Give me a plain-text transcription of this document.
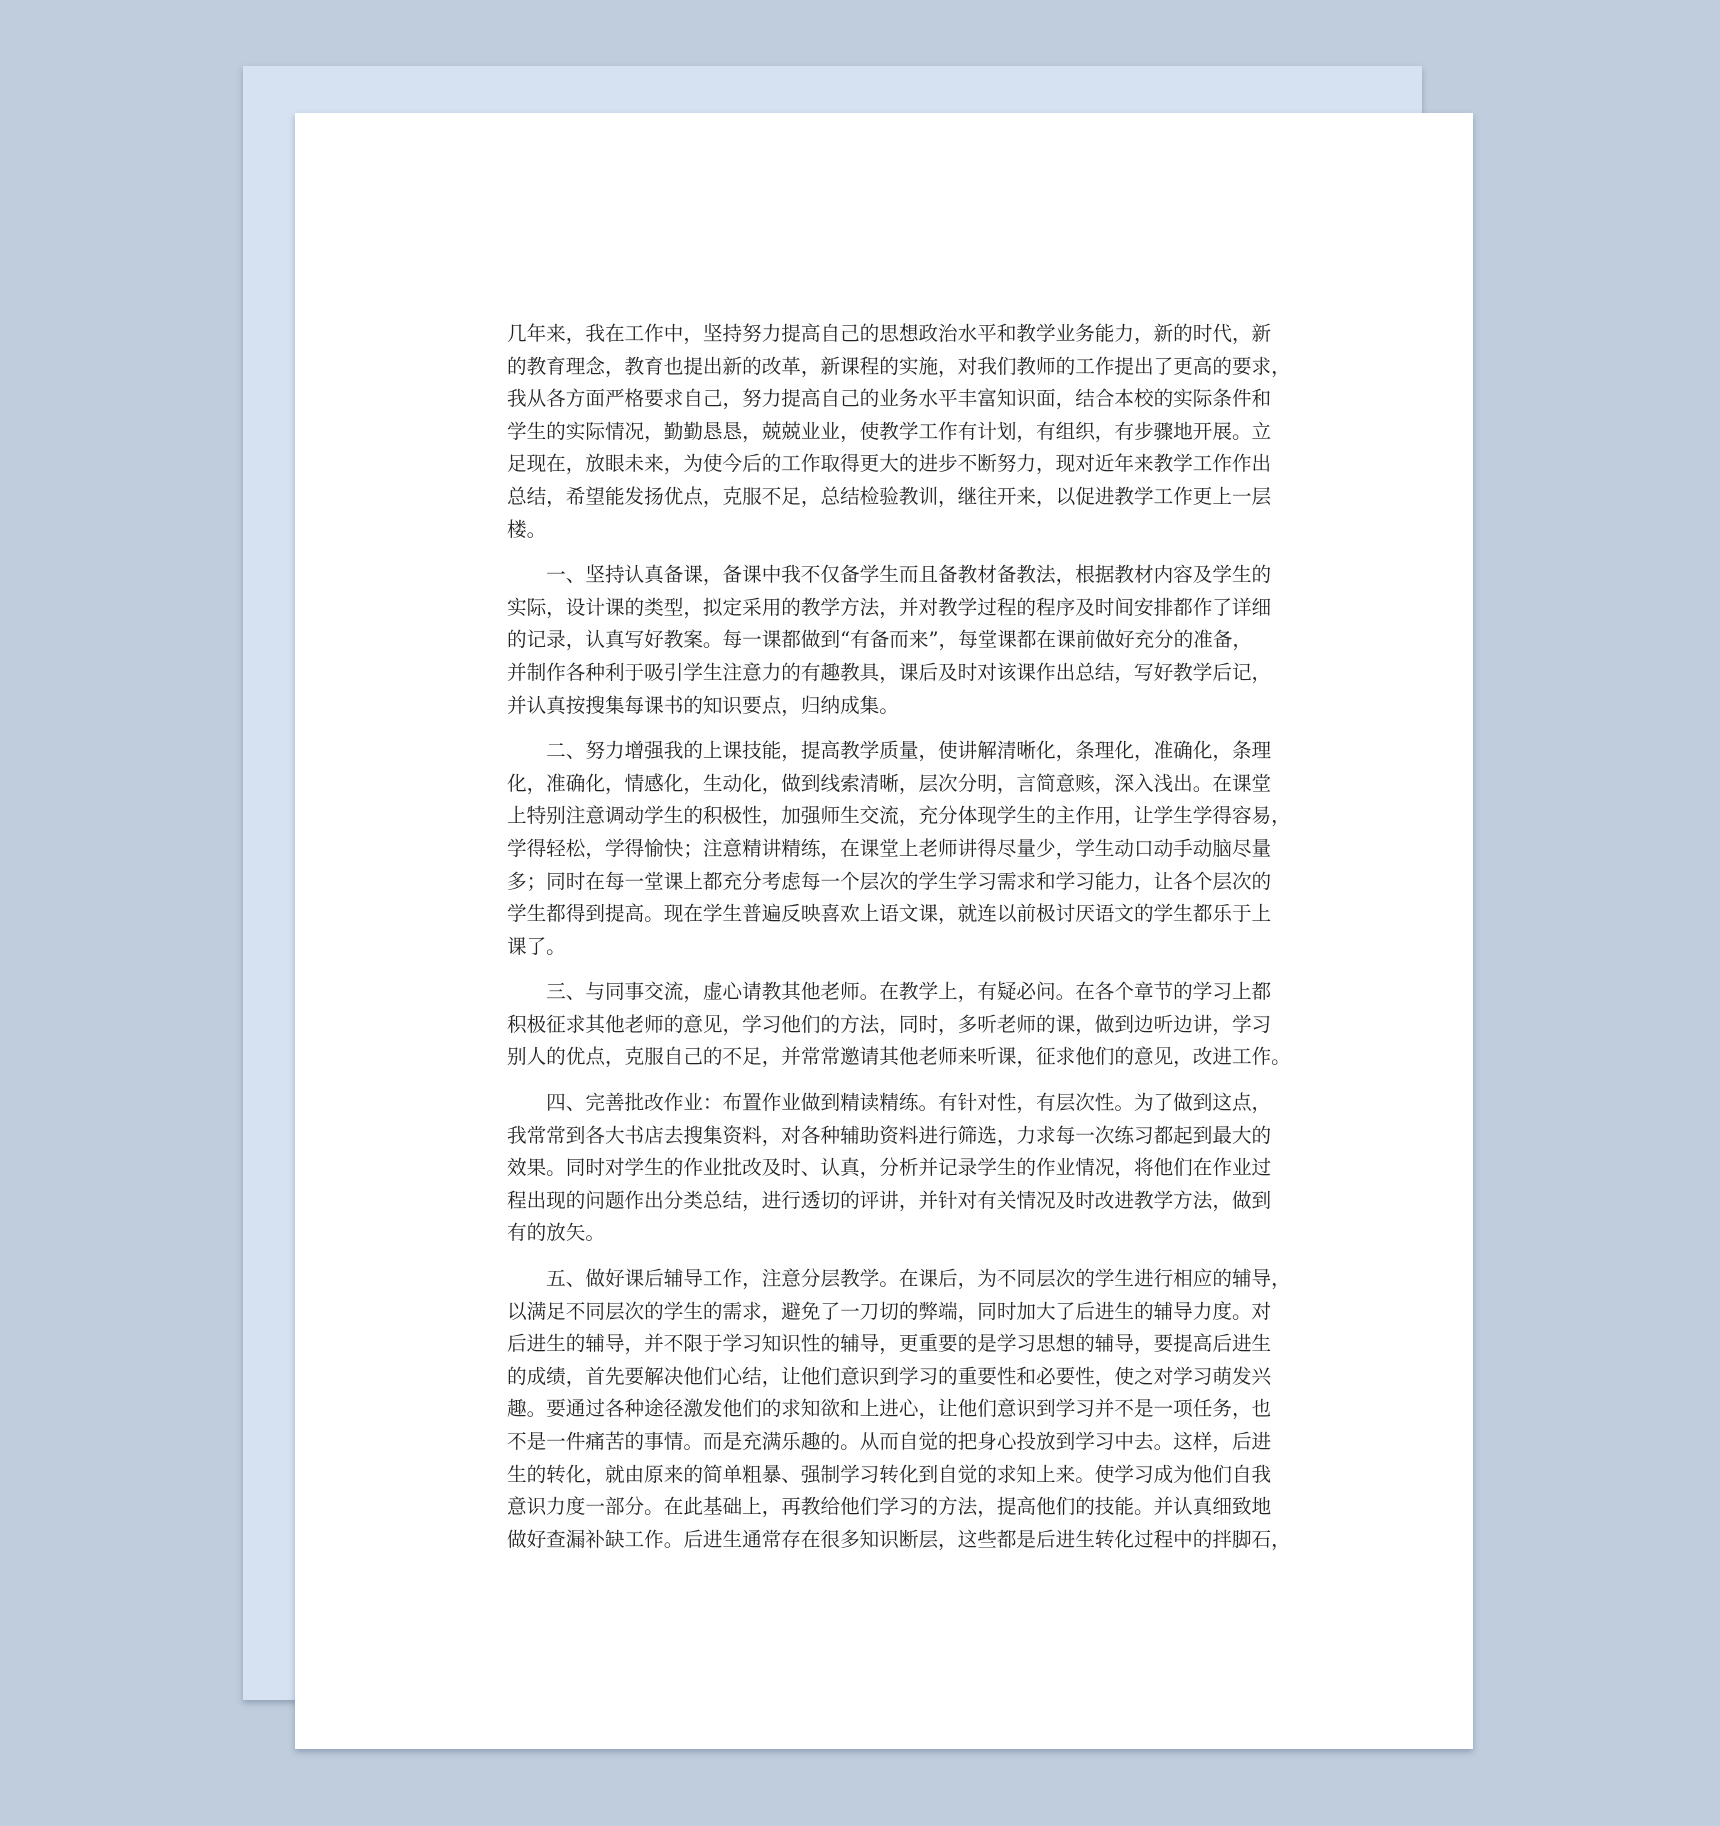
几年来，我在工作中，坚持努力提高自己的思想政治水平和教学业务能力，新的时代，新
的教育理念，教育也提出新的改革，新课程的实施，对我们教师的工作提出了更高的要求，
我从各方面严格要求自己，努力提高自己的业务水平丰富知识面，结合本校的实际条件和
学生的实际情况，勤勤恳恳，兢兢业业，使教学工作有计划，有组织，有步骤地开展。立
足现在，放眼未来，为使今后的工作取得更大的进步不断努力，现对近年来教学工作作出
总结，希望能发扬优点，克服不足，总结检验教训，继往开来，以促进教学工作更上一层
楼。
　　一、坚持认真备课，备课中我不仅备学生而且备教材备教法，根据教材内容及学生的
实际，设计课的类型，拟定采用的教学方法，并对教学过程的程序及时间安排都作了详细
的记录，认真写好教案。每一课都做到“有备而来”，每堂课都在课前做好充分的准备，
并制作各种利于吸引学生注意力的有趣教具，课后及时对该课作出总结，写好教学后记，
并认真按搜集每课书的知识要点，归纳成集。
　　二、努力增强我的上课技能，提高教学质量，使讲解清晰化，条理化，准确化，条理
化，准确化，情感化，生动化，做到线索清晰，层次分明，言简意赅，深入浅出。在课堂
上特别注意调动学生的积极性，加强师生交流，充分体现学生的主作用，让学生学得容易，
学得轻松，学得愉快；注意精讲精练，在课堂上老师讲得尽量少，学生动口动手动脑尽量
多；同时在每一堂课上都充分考虑每一个层次的学生学习需求和学习能力，让各个层次的
学生都得到提高。现在学生普遍反映喜欢上语文课，就连以前极讨厌语文的学生都乐于上
课了。
　　三、与同事交流，虚心请教其他老师。在教学上，有疑必问。在各个章节的学习上都
积极征求其他老师的意见，学习他们的方法，同时，多听老师的课，做到边听边讲，学习
别人的优点，克服自己的不足，并常常邀请其他老师来听课，征求他们的意见，改进工作。
　　四、完善批改作业：布置作业做到精读精练。有针对性，有层次性。为了做到这点，
我常常到各大书店去搜集资料，对各种辅助资料进行筛选，力求每一次练习都起到最大的
效果。同时对学生的作业批改及时、认真，分析并记录学生的作业情况，将他们在作业过
程出现的问题作出分类总结，进行透切的评讲，并针对有关情况及时改进教学方法，做到
有的放矢。
　　五、做好课后辅导工作，注意分层教学。在课后，为不同层次的学生进行相应的辅导，
以满足不同层次的学生的需求，避免了一刀切的弊端，同时加大了后进生的辅导力度。对
后进生的辅导，并不限于学习知识性的辅导，更重要的是学习思想的辅导，要提高后进生
的成绩，首先要解决他们心结，让他们意识到学习的重要性和必要性，使之对学习萌发兴
趣。要通过各种途径激发他们的求知欲和上进心，让他们意识到学习并不是一项任务，也
不是一件痛苦的事情。而是充满乐趣的。从而自觉的把身心投放到学习中去。这样，后进
生的转化，就由原来的简单粗暴、强制学习转化到自觉的求知上来。使学习成为他们自我
意识力度一部分。在此基础上，再教给他们学习的方法，提高他们的技能。并认真细致地
做好查漏补缺工作。后进生通常存在很多知识断层，这些都是后进生转化过程中的拌脚石，
